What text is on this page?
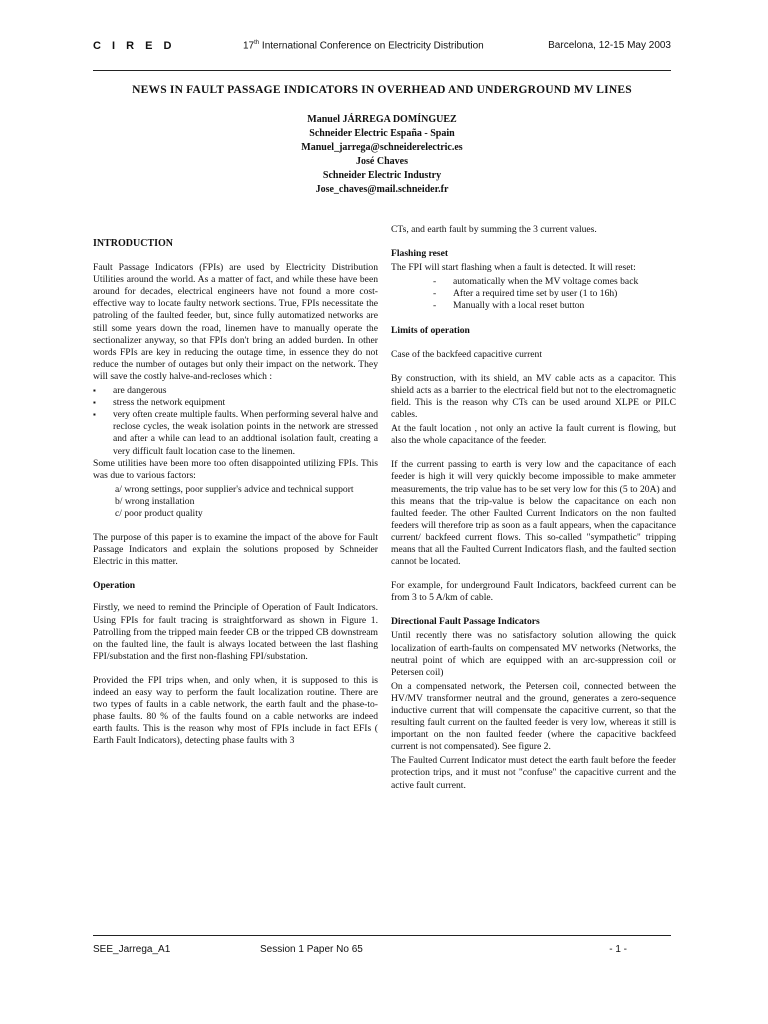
C I R E D	17th International Conference on Electricity Distribution	Barcelona, 12-15 May 2003
NEWS IN FAULT PASSAGE INDICATORS IN OVERHEAD AND UNDERGROUND MV LINES
Manuel JÁRREGA DOMÍNGUEZ
Schneider Electric España - Spain
Manuel_jarrega@schneiderelectric.es
José Chaves
Schneider Electric Industry
Jose_chaves@mail.schneider.fr
INTRODUCTION
Fault Passage Indicators (FPIs) are used by Electricity Distribution Utilities around the world. As a matter of fact, and while these have been around for decades, electrical engineers have not found a more cost-effective way to locate faulty network sections. True, FPIs necessitate the patroling of the faulted feeder, but, since fully automatized networks are still some years down the road, linemen have to manually operate the sectionalizer anyway, so that FPIs don't bring an added burden. In other words FPIs are key in reducing the outage time, in essence they do not reduce the number of outages but only their impact on the network. They will save the costly halve-and-recloses which :
▪ are dangerous
▪ stress the network equipment
▪ very often create multiple faults. When performing several halve and reclose cycles, the weak isolation points in the network are stressed and after a while can lead to an addtional isolation fault, creating a very difficult fault location case to the linemen.
Some utilities have been more too often disappointed utilizing FPIs. This was due to various factors:
a/ wrong settings, poor supplier's advice and technical support
b/ wrong installation
c/ poor product quality
The purpose of this paper is to examine the impact of the above for Fault Passage Indicators and explain the solutions proposed by Schneider Electric in this matter.
Operation
Firstly, we need to remind the Principle of Operation of Fault Indicators. Using FPIs for fault tracing is straightforward as shown in Figure 1. Patrolling from the tripped main feeder CB or the tripped CB downstream on the faulted line, the fault is always located between the last flashing FPI/substation and the first non-flashing FPI/substation.
Provided the FPI trips when, and only when, it is supposed to this is indeed an easy way to perform the fault localization routine. There are two types of faults in a cable network, the earth fault and the phase-to-phase faults. 80 % of the faults found on a cable networks are indeed earth faults. This is the reason why most of FPIs include in fact EFIs ( Earth Fault Indicators), detecting phase faults with 3
CTs, and earth fault by summing the 3 current values.
Flashing reset
The FPI will start flashing when a fault is detected. It will reset:
- automatically when the MV voltage comes back
- After a required time set by user (1 to 16h)
- Manually with a local reset button
Limits of operation
Case of the backfeed capacitive current
By construction, with its shield, an MV cable acts as a capacitor. This shield acts as a barrier to the electrical field but not to the electromagnetic field. This is the reason why CTs can be used around XLPE or PILC cables.
At the fault location , not only an active Ia fault current is flowing, but also the whole capacitance of the feeder.
If the current passing to earth is very low and the capacitance of each feeder is high it will very quickly become impossible to make ammeter measurements, the trip value has to be set very low for this (5 to 20A) and this means that the trip-value is below the capacitance on each non faulted feeder. The other Faulted Current Indicators on the non faulted feeders will therefore trip as soon as a fault appears, when the capacitance current/ backfeed current flows. This so-called "sympathetic" tripping means that all the Faulted Current Indicators flash, and the faulted section cannot be located.
For example, for underground Fault Indicators, backfeed current can be from 3 to 5 A/km of cable.
Directional Fault Passage Indicators
Until recently there was no satisfactory solution allowing the quick localization of earth-faults on compensated MV networks (Networks, the neutral point of which are equipped with an arc-suppression coil or Petersen coil)
On a compensated network, the Petersen coil, connected between the HV/MV transformer neutral and the ground, generates a zero-sequence inductive current that will compensate the capacitive current, so that the resulting fault current on the faulted feeder is very low, whereas it still is important on the non faulted feeder (where the capacitive backfeed current is not compensated). See figure 2.
The Faulted Current Indicator must detect the earth fault before the feeder protection trips, and it must not "confuse" the capacitive current and the active fault current.
SEE_Jarrega_A1	Session 1 Paper No 65	- 1 -
